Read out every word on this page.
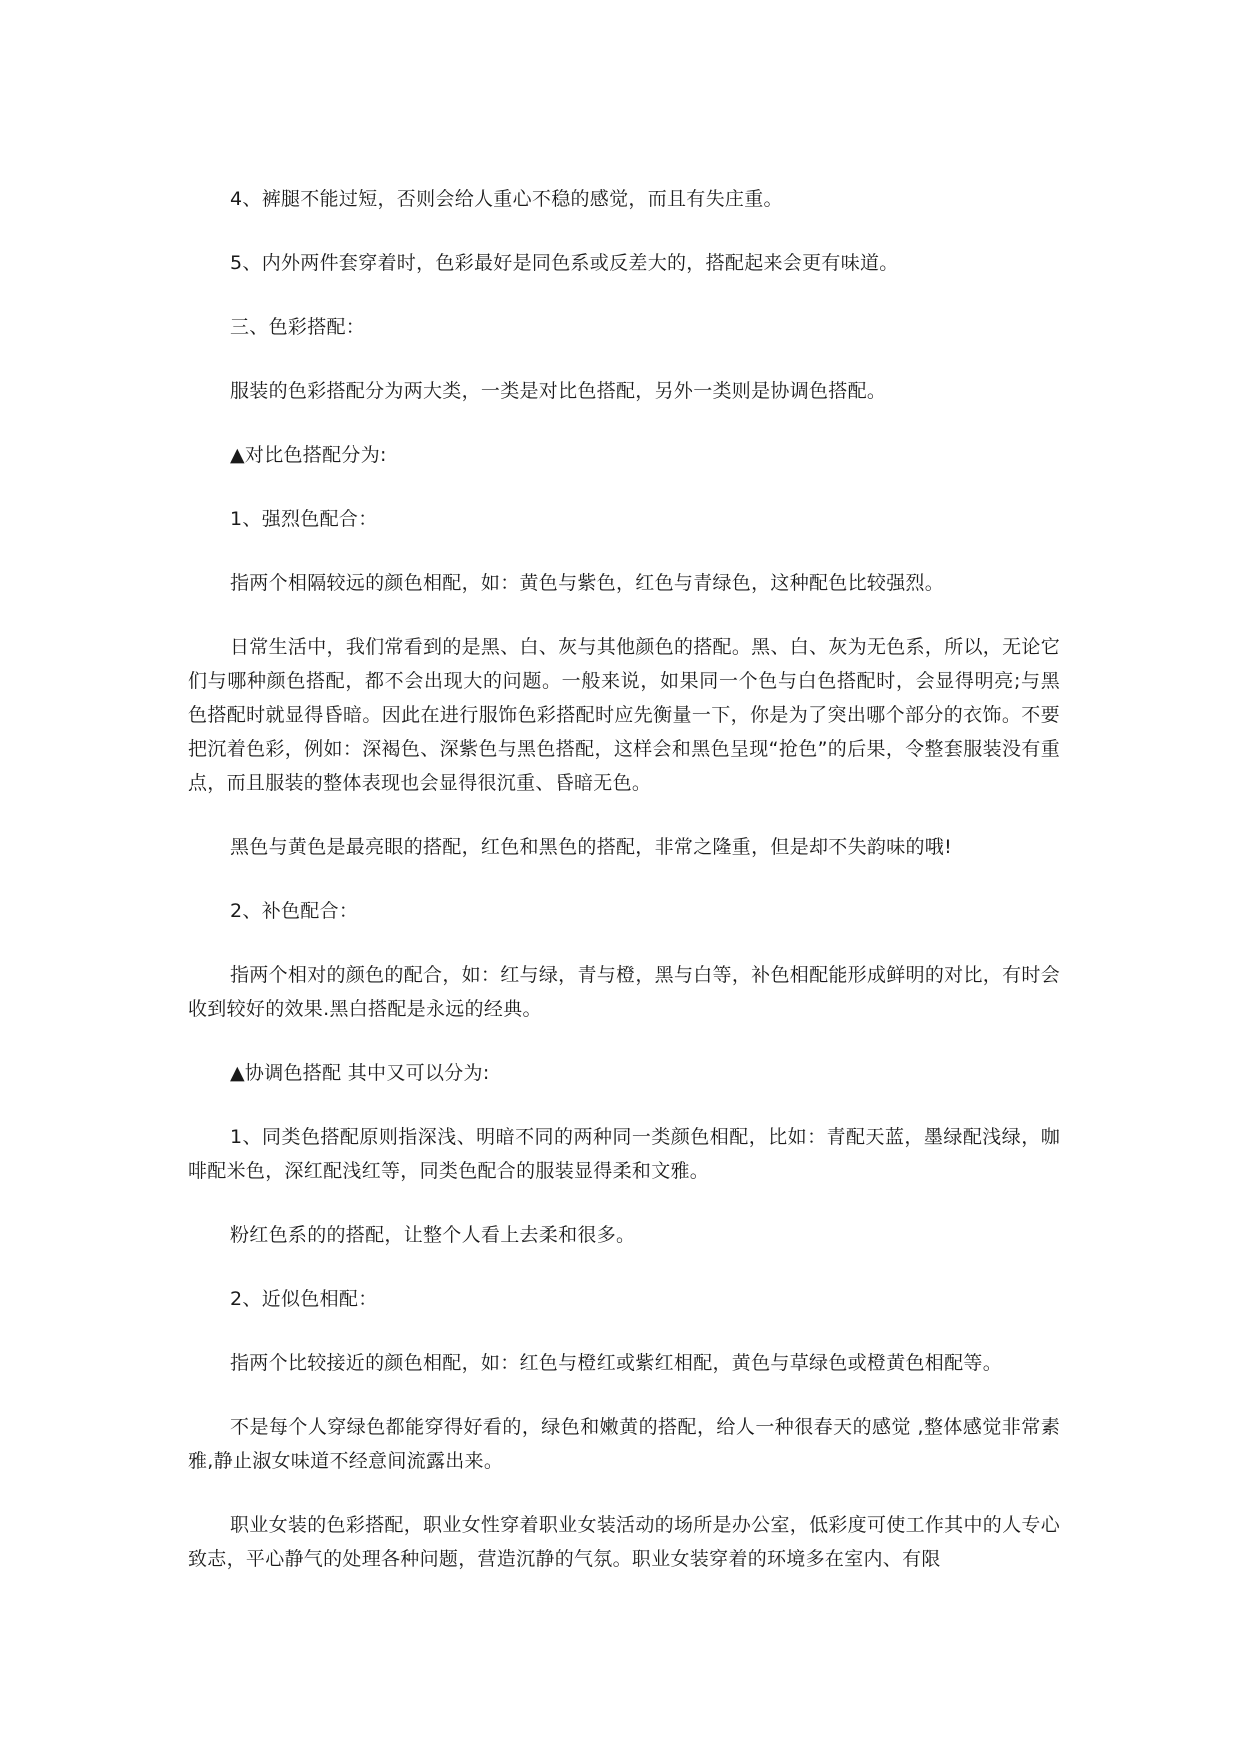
4、裤腿不能过短，否则会给人重心不稳的感觉，而且有失庄重。

5、内外两件套穿着时，色彩最好是同色系或反差大的，搭配起来会更有味道。

三、色彩搭配：

服装的色彩搭配分为两大类，一类是对比色搭配，另外一类则是协调色搭配。

▲对比色搭配分为:

1、强烈色配合：

指两个相隔较远的颜色相配，如：黄色与紫色，红色与青绿色，这种配色比较强烈。

日常生活中，我们常看到的是黑、白、灰与其他颜色的搭配。黑、白、灰为无色系，所以，无论它们与哪种颜色搭配，都不会出现大的问题。一般来说，如果同一个色与白色搭配时，会显得明亮;与黑色搭配时就显得昏暗。因此在进行服饰色彩搭配时应先衡量一下，你是为了突出哪个部分的衣饰。不要把沉着色彩，例如：深褐色、深紫色与黑色搭配，这样会和黑色呈现“抢色”的后果，令整套服装没有重点，而且服装的整体表现也会显得很沉重、昏暗无色。

黑色与黄色是最亮眼的搭配，红色和黑色的搭配，非常之隆重，但是却不失韵味的哦!

2、补色配合：

指两个相对的颜色的配合，如：红与绿，青与橙，黑与白等，补色相配能形成鲜明的对比，有时会收到较好的效果.黑白搭配是永远的经典。

▲协调色搭配 其中又可以分为:

1、同类色搭配原则指深浅、明暗不同的两种同一类颜色相配，比如：青配天蓝，墨绿配浅绿，咖啡配米色，深红配浅红等，同类色配合的服装显得柔和文雅。

粉红色系的的搭配，让整个人看上去柔和很多。

2、近似色相配：

指两个比较接近的颜色相配，如：红色与橙红或紫红相配，黄色与草绿色或橙黄色相配等。

不是每个人穿绿色都能穿得好看的，绿色和嫩黄的搭配，给人一种很春天的感觉 ,整体感觉非常素雅,静止淑女味道不经意间流露出来。

职业女装的色彩搭配，职业女性穿着职业女装活动的场所是办公室，低彩度可使工作其中的人专心致志，平心静气的处理各种问题，营造沉静的气氛。职业女装穿着的环境多在室内、有限
